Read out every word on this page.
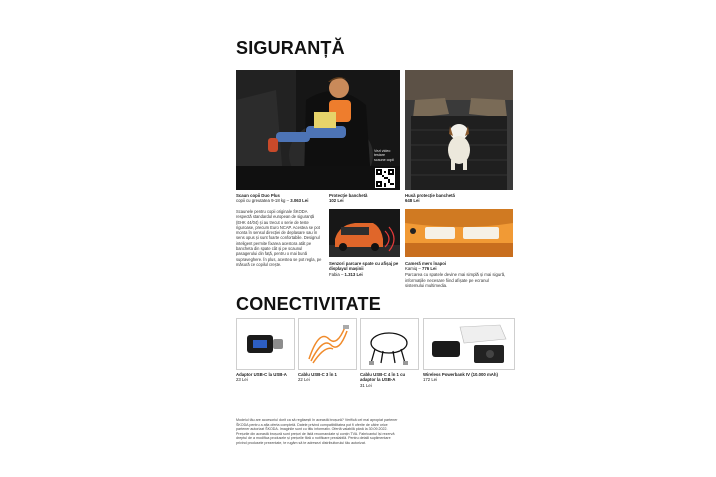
SIGURANȚĂ
Vezi video testare scaune copii
Scaun copii Duo Plus
copii cu greutatea 9-18 kg – 3.063 Lei
Protecție banchetă
102 Lei
Husă protecție banchetă
648 Lei
Scaunele pentru copii originale ŠKODA respectă standardul european de siguranță (EHK 44/04) și au trecut o serie de teste riguroase, precum Euro NCAP. Acestea se pot monta în sensul direcției de deplasare sau în sens opus și sunt foarte confortabile. Designul inteligent permite fixarea acestora atât pe bancheta din spate cât și pe scaunul pasagerului din față, pentru o mai bună supraveghere. În plus, acestea se pot regla, pe măsură ce copilul crește.	Senzori parcare spate cu afișaj pe displayul mașinii
Fabia – 1.313 Lei
Cameră mers înapoi
Kamiq – 776 Lei
Parcarea cu spatele devine mai simplă și mai sigură, informațiile necesare fiind afișate pe ecranul sistemului multimedia.
CONECTIVITATE
Adaptor USB-C la USB-A
23 Lei
Cablu USB-C 3 în 1
22 Lei
Cablu USB-C 4 în 1 cu adaptor la USB-A
31 Lei
Wireless Powerbank IV (10.000 mAh)
172 Lei
Modelul tău are accesoriul dorit ca să regăsești în această broșură? Verifică cel mai apropiat partener ŠKODA pentru a afla oferta completă. Datele privind compatibilitatea pot fi oferite de către orice partener autorizat ŠKODA. Imaginile sunt cu titlu informativ. Ofertă valabilă până la 30.09.2022. Prețurile din această broșură sunt prețuri de listă recomandate și conțin TVA. Fabricantul își rezervă dreptul de a modifica produsele și prețurile fără o notificare prealabilă. Pentru detalii suplimentare privind produsele prezentate, te rugăm să te adresezi distribuitorului tău autorizat.
